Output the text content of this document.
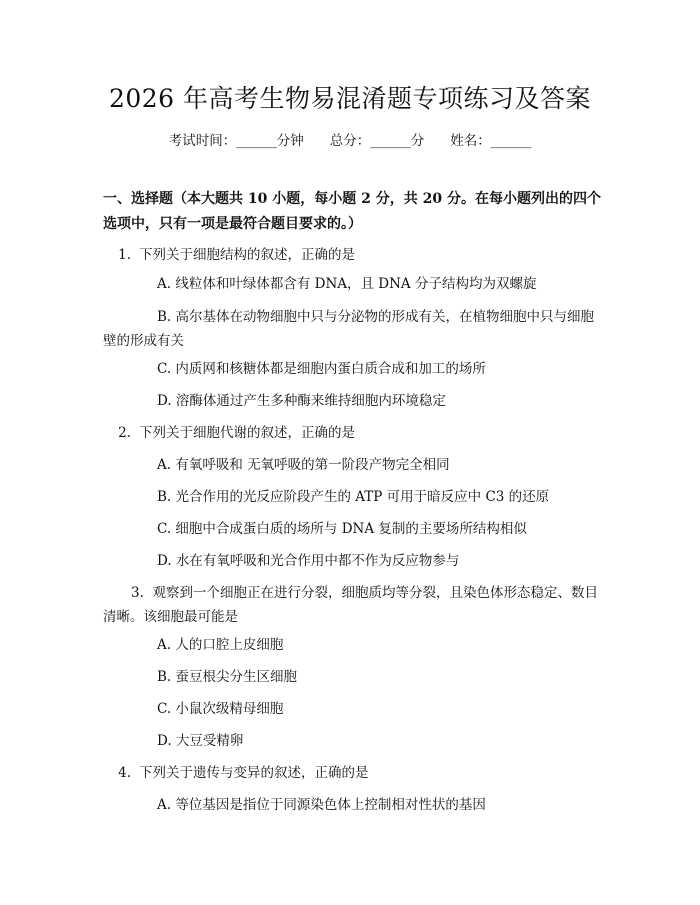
2026 年高考生物易混淆题专项练习及答案
考试时间：______分钟 总分：______分 姓名：______
一、选择题（本大题共 10 小题，每小题 2 分，共 20 分。在每小题列出的四个选项中，只有一项是最符合题目要求的。）
1. 下列关于细胞结构的叙述，正确的是
A. 线粒体和叶绿体都含有 DNA，且 DNA 分子结构均为双螺旋
B. 高尔基体在动物细胞中只与分泌物的形成有关，在植物细胞中只与细胞壁的形成有关
C. 内质网和核糖体都是细胞内蛋白质合成和加工的场所
D. 溶酶体通过产生多种酶来维持细胞内环境稳定
2. 下列关于细胞代谢的叙述，正确的是
A. 有氧呼吸和 无氧呼吸的第一阶段产物完全相同
B. 光合作用的光反应阶段产生的 ATP 可用于暗反应中 C3 的还原
C. 细胞中合成蛋白质的场所与 DNA 复制的主要场所结构相似
D. 水在有氧呼吸和光合作用中都不作为反应物参与
3. 观察到一个细胞正在进行分裂，细胞质均等分裂，且染色体形态稳定、数目清晰。该细胞最可能是
A. 人的口腔上皮细胞
B. 蚕豆根尖分生区细胞
C. 小鼠次级精母细胞
D. 大豆受精卵
4. 下列关于遗传与变异的叙述，正确的是
A. 等位基因是指位于同源染色体上控制相对性状的基因
